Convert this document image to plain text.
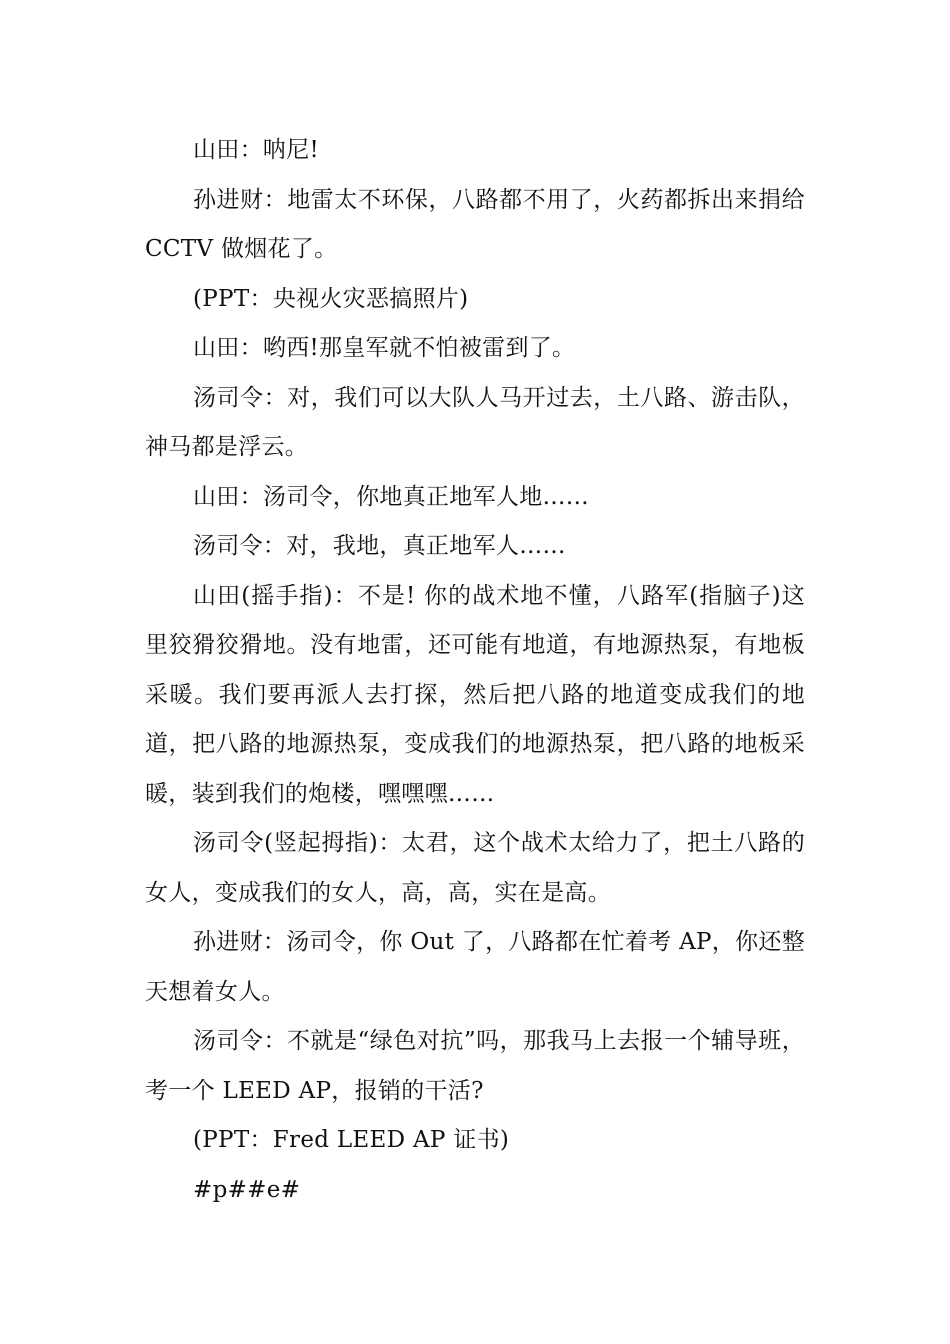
山田：呐尼!

孙进财：地雷太不环保，八路都不用了，火药都拆出来捐给 CCTV 做烟花了。

(PPT：央视火灾恶搞照片)

山田：哟西!那皇军就不怕被雷到了。

汤司令：对，我们可以大队人马开过去，土八路、游击队，神马都是浮云。

山田：汤司令，你地真正地军人地……

汤司令：对，我地，真正地军人……

山田(摇手指)：不是! 你的战术地不懂，八路军(指脑子)这里狡猾狡猾地。没有地雷，还可能有地道，有地源热泵，有地板采暖。我们要再派人去打探，然后把八路的地道变成我们的地道，把八路的地源热泵，变成我们的地源热泵，把八路的地板采暖，装到我们的炮楼，嘿嘿嘿……

汤司令(竖起拇指)：太君，这个战术太给力了，把土八路的女人，变成我们的女人，高，高，实在是高。

孙进财：汤司令，你 Out 了，八路都在忙着考 AP，你还整天想着女人。

汤司令：不就是“绿色对抗”吗，那我马上去报一个辅导班，考一个 LEED AP，报销的干活?

(PPT：Fred LEED AP 证书)

#p##e#
